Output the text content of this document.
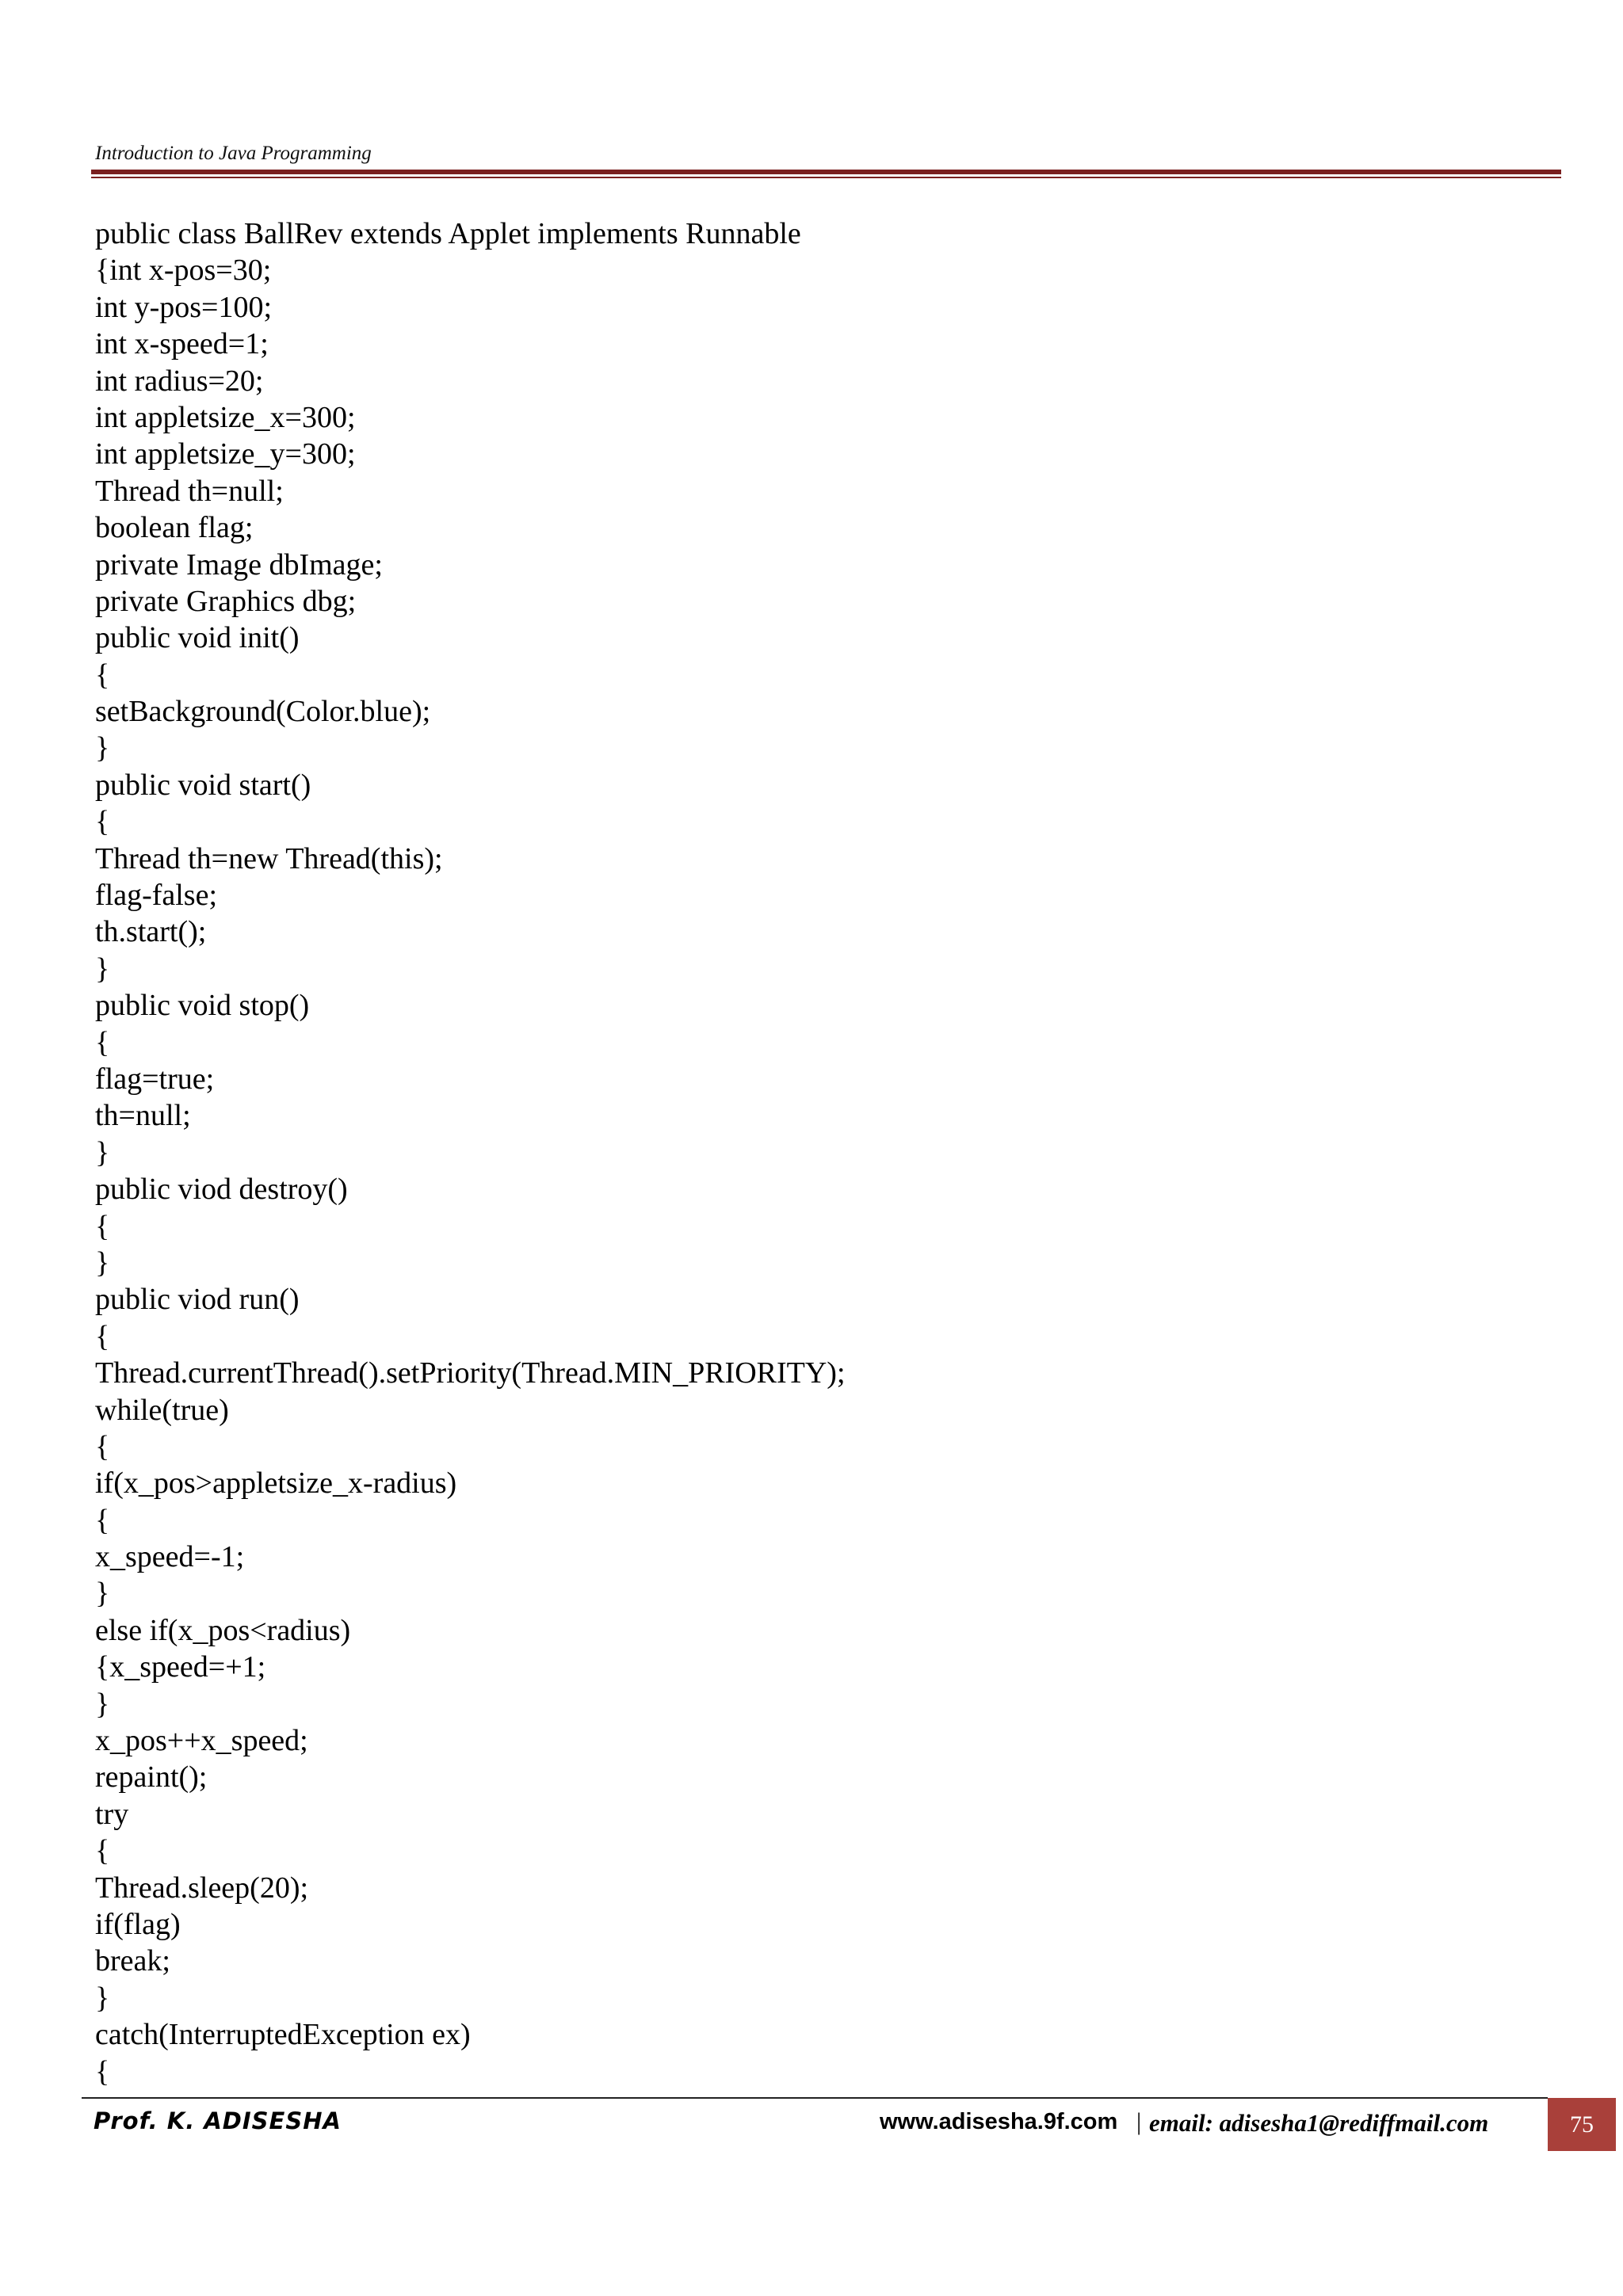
Introduction to Java Programming

public class BallRev extends Applet implements Runnable
{int x-pos=30;
int y-pos=100;
int x-speed=1;
int radius=20;
int appletsize_x=300;
int appletsize_y=300;
Thread th=null;
boolean flag;
private Image dbImage;
private Graphics dbg;
public void init()
{
setBackground(Color.blue);
}
public void start()
{
Thread th=new Thread(this);
flag-false;
th.start();
}
public void stop()
{
flag=true;
th=null;
}
public viod destroy()
{
}
public viod run()
{
Thread.currentThread().setPriority(Thread.MIN_PRIORITY);
while(true)
{
if(x_pos>appletsize_x-radius)
{
x_speed=-1;
}
else if(x_pos<radius)
{x_speed=+1;
}
x_pos++x_speed;
repaint();
try
{
Thread.sleep(20);
if(flag)
break;
}
catch(InterruptedException ex)
{
Prof. K. ADISESHA	www.adisesha.9f.com | email: adisesha1@rediffmail.com	75
